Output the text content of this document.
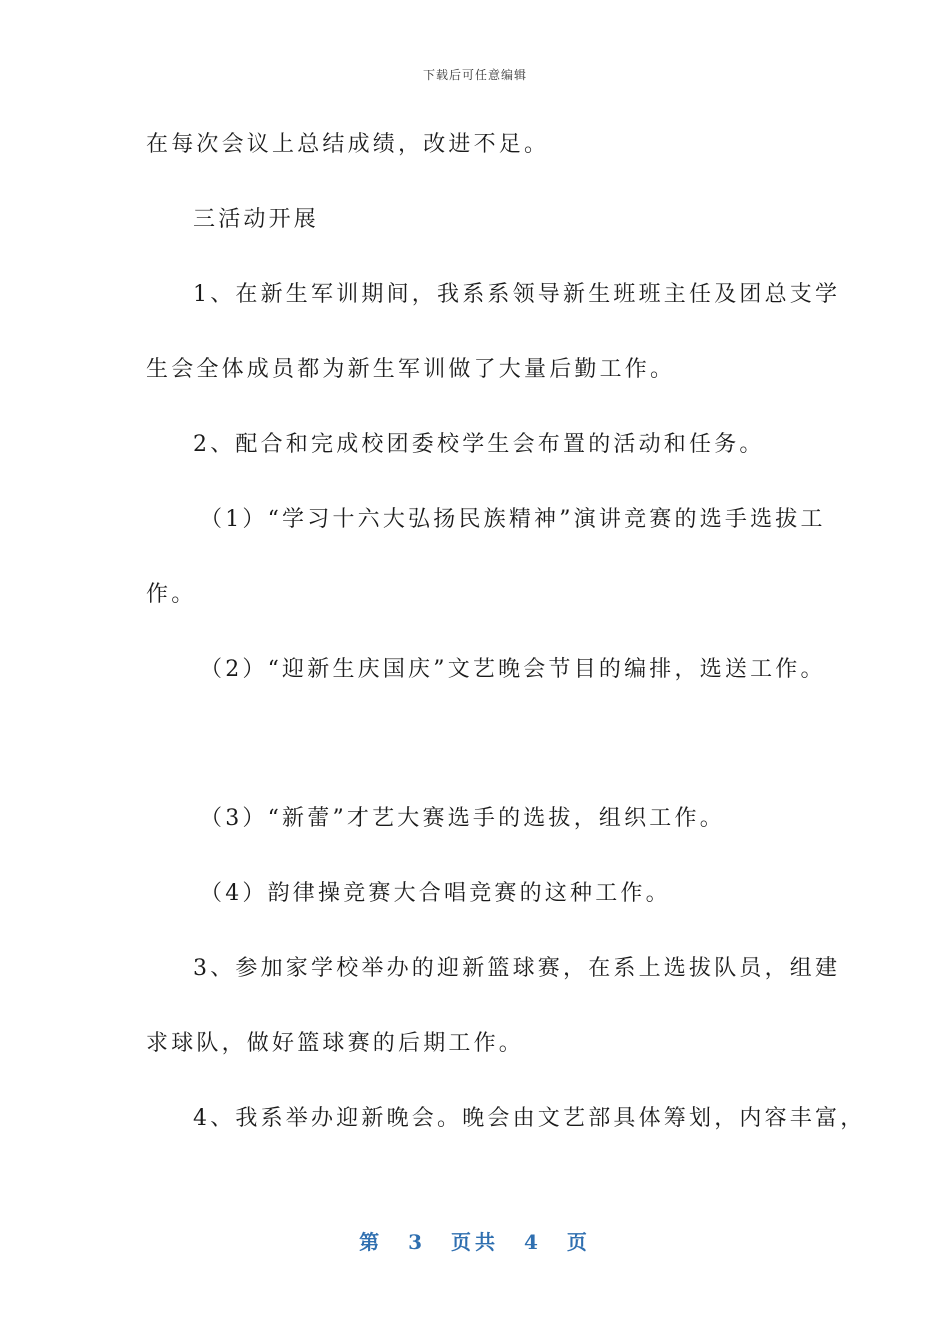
下载后可任意编辑
在每次会议上总结成绩，改进不足。
三活动开展
1、在新生军训期间，我系系领导新生班班主任及团总支学
生会全体成员都为新生军训做了大量后勤工作。
2、配合和完成校团委校学生会布置的活动和任务。
（1）“学习十六大弘扬民族精神”演讲竞赛的选手选拔工
作。
（2）“迎新生庆国庆”文艺晚会节目的编排，选送工作。
（3）“新蕾”才艺大赛选手的选拔，组织工作。
（4）韵律操竞赛大合唱竞赛的这种工作。
3、参加家学校举办的迎新篮球赛，在系上选拔队员，组建
求球队，做好篮球赛的后期工作。
4、我系举办迎新晚会。晚会由文艺部具体筹划，内容丰富，
第 3 页共 4 页
